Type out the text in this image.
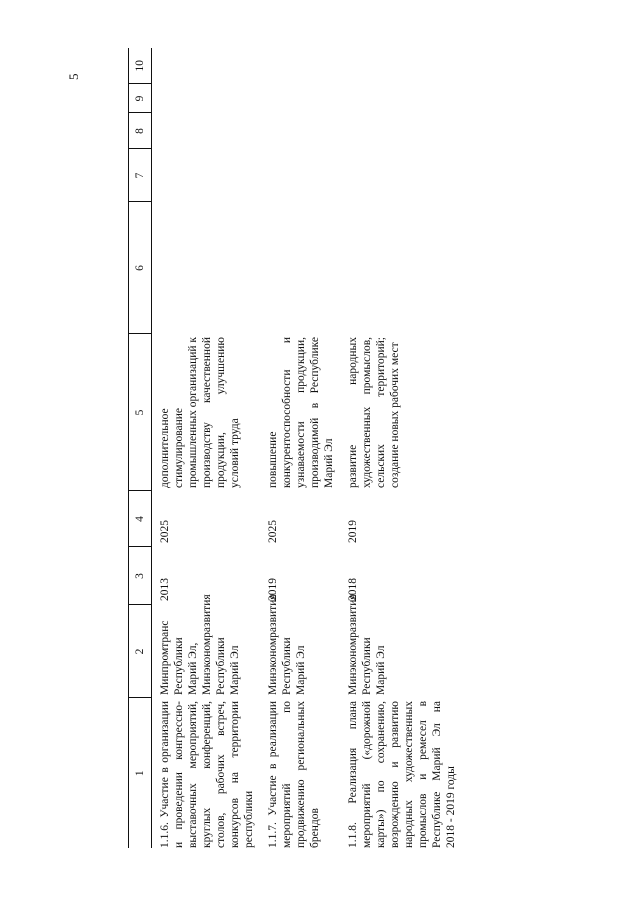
5
1	2	3	4	5	6	7	8	9	10
1.1.6. Участие в организации и проведении конгрессно-выставочных мероприятий, круглых конференций, столов, рабочих встреч, конкурсов на территории республики	Минпромтранс Республики Марий Эл, Минэкономразвития Республики Марий Эл	2013	2025	дополнительное стимулирование промышленных организаций к производству качественной продукции, улучшению условий труда					
1.1.7. Участие в реализации мероприятий по продвижению региональных брендов	Минэкономразвития Республики Марий Эл	2019	2025	повышение конкурентоспособности и узнаваемости продукции, производимой в Республике Марий Эл					
1.1.8. Реализация плана мероприятий («дорожной карты») по сохранению, возрождению и развитию народных художественных промыслов и ремесел в Республике Марий Эл на 2018 - 2019 годы	Минэкономразвития Республики Марий Эл	2018	2019	развитие народных художественных промыслов, сельских территорий; создание новых рабочих мест					
